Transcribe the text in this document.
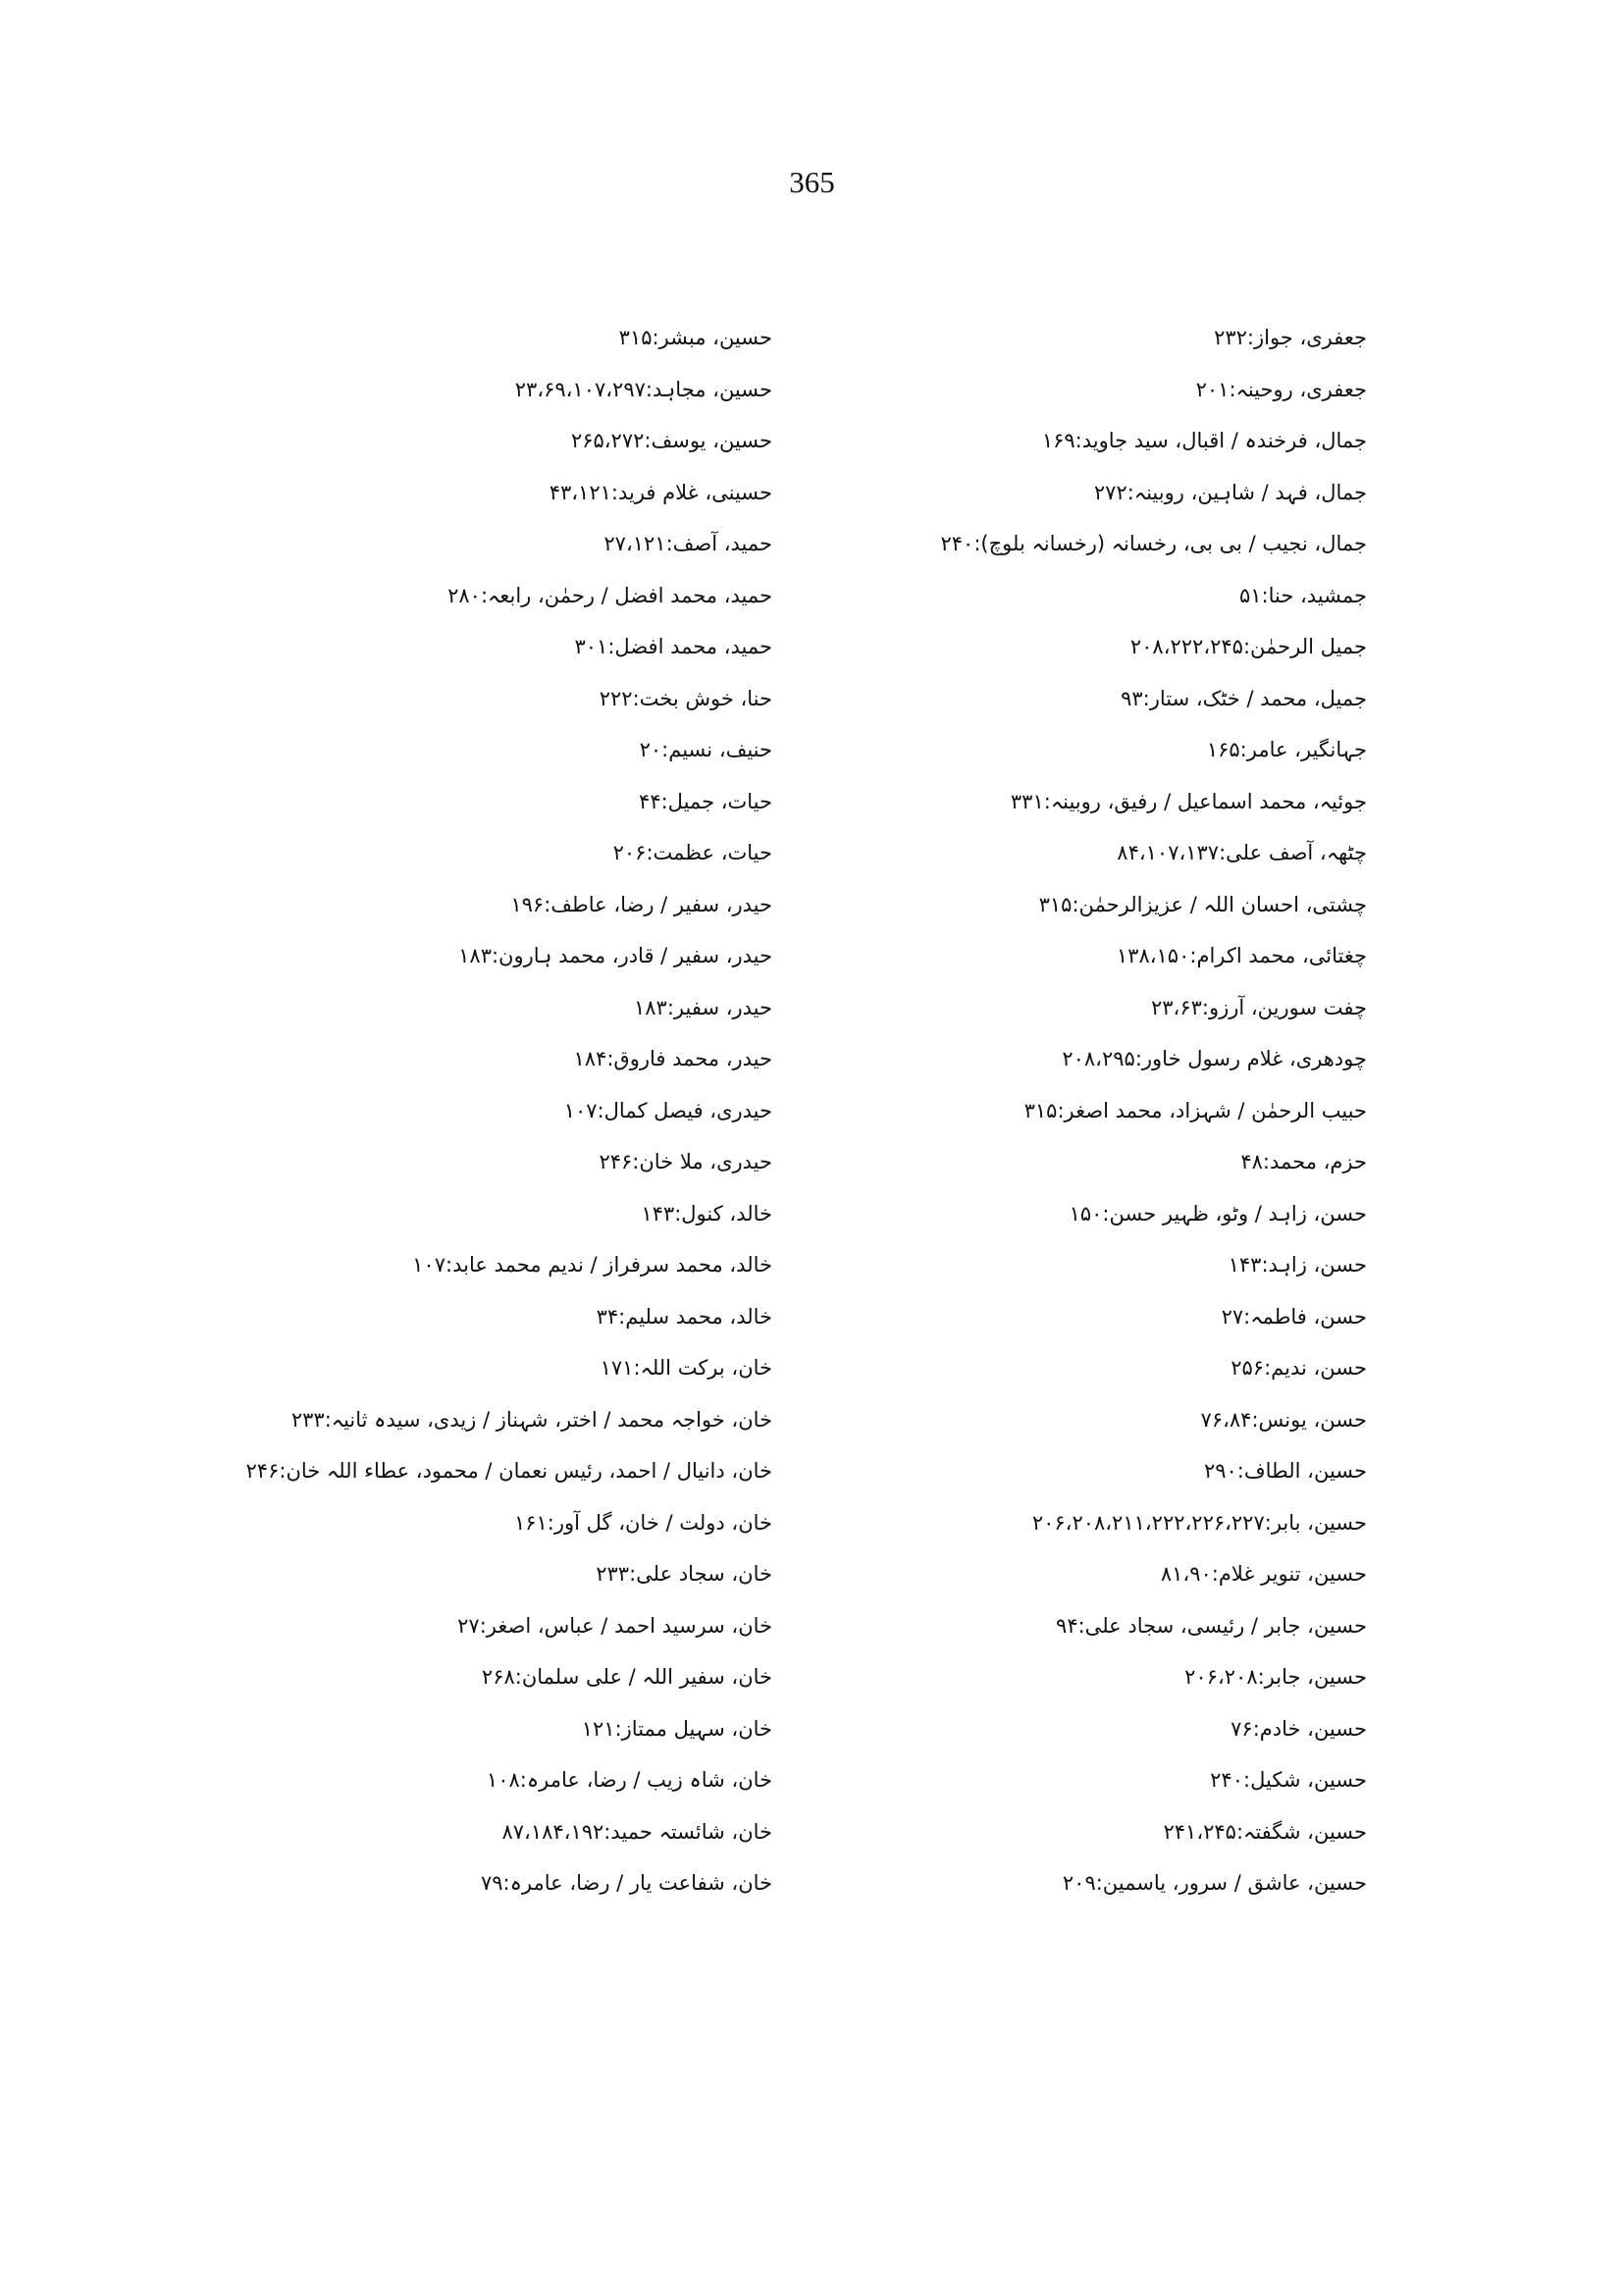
365
جعفری، جواز:۲۳۲
جعفری، روحینہ:۲۰۱
جمال، فرخندہ / اقبال، سید جاوید:۱۶۹
جمال، فہد / شاہین، روبینہ:۲۷۲
جمال، نجیب / بی بی، رخسانہ (رخسانہ بلوچ):۲۴۰
جمشید، حنا:۵۱
جمیل الرحمٰن:۲۰۸،۲۲۲،۲۴۵
جمیل، محمد / خٹک، ستار:۹۳
جہانگیر، عامر:۱۶۵
جوئیہ، محمد اسماعیل / رفیق، روبینہ:۳۳۱
چٹھہ، آصف علی:۸۴،۱۰۷،۱۳۷
چشتی، احسان اللہ / عزیزالرحمٰن:۳۱۵
چغتائی، محمد اکرام:۱۳۸،۱۵۰
چفت سورین، آرزو:۲۳،۶۳
چودھری، غلام رسول خاور:۲۰۸،۲۹۵
حبیب الرحمٰن / شہزاد، محمد اصغر:۳۱۵
حزم، محمد:۴۸
حسن، زاہد / وٹو، ظہیر حسن:۱۵۰
حسن، زاہد:۱۴۳
حسن، فاطمہ:۲۷
حسن، ندیم:۲۵۶
حسن، یونس:۷۶،۸۴
حسین، الطاف:۲۹۰
حسین، بابر:۲۰۶،۲۰۸،۲۱۱،۲۲۲،۲۲۶،۲۲۷
حسین، تنویر غلام:۸۱،۹۰
حسین، جابر / رئیسی، سجاد علی:۹۴
حسین، جابر:۲۰۶،۲۰۸
حسین، خادم:۷۶
حسین، شکیل:۲۴۰
حسین، شگفتہ:۲۴۱،۲۴۵
حسین، عاشق / سرور، یاسمین:۲۰۹
حسین، مبشر:۳۱۵
حسین، مجاہد:۲۳،۶۹،۱۰۷،۲۹۷
حسین، یوسف:۲۶۵،۲۷۲
حسینی، غلام فرید:۴۳،۱۲۱
حمید، آصف:۲۷،۱۲۱
حمید، محمد افضل / رحمٰن، رابعہ:۲۸۰
حمید، محمد افضل:۳۰۱
حنا، خوش بخت:۲۲۲
حنیف، نسیم:۲۰
حیات، جمیل:۴۴
حیات، عظمت:۲۰۶
حیدر، سفیر / رضا، عاطف:۱۹۶
حیدر، سفیر / قادر، محمد ہارون:۱۸۳
حیدر، سفیر:۱۸۳
حیدر، محمد فاروق:۱۸۴
حیدری، فیصل کمال:۱۰۷
حیدری، ملا خان:۲۴۶
خالد، کنول:۱۴۳
خالد، محمد سرفراز / ندیم محمد عابد:۱۰۷
خالد، محمد سلیم:۳۴
خان، برکت اللہ:۱۷۱
خان، خواجہ محمد / اختر، شہناز / زیدی، سیدہ ثانیہ:۲۳۳
خان، دانیال / احمد، رئیس نعمان / محمود، عطاء اللہ خان:۲۴۶
خان، دولت / خان، گل آور:۱۶۱
خان، سجاد علی:۲۳۳
خان، سرسید احمد / عباس، اصغر:۲۷
خان، سفیر اللہ / علی سلمان:۲۶۸
خان، سہیل ممتاز:۱۲۱
خان، شاہ زیب / رضا، عامرہ:۱۰۸
خان، شائستہ حمید:۸۷،۱۸۴،۱۹۲
خان، شفاعت یار / رضا، عامرہ:۷۹
